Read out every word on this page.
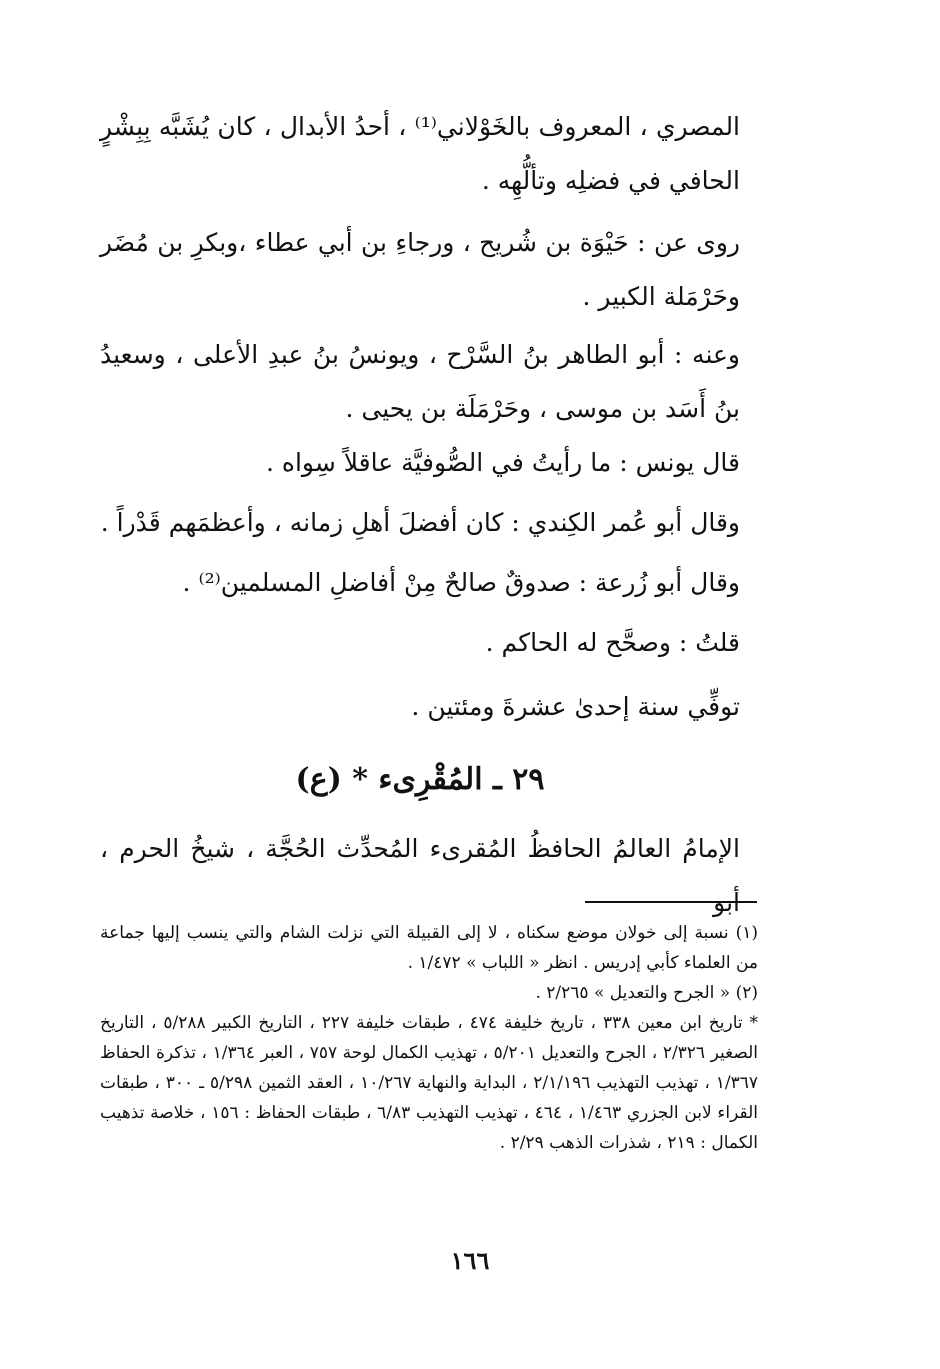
المصري ، المعروف بالخَوْلاني⁽¹⁾ ، أحدُ الأبدال ، كان يُشَبَّه بِبِشْرٍ الحافي في فضلِه وتألُّهِه .

روى عن : حَيْوَة بن شُريح ، ورجاءِ بن أبي عطاء ،وبكرِ بن مُضَر وحَرْمَلة الكبير .

وعنه : أبو الطاهر بنُ السَّرْح ، ويونسُ بنُ عبدِ الأعلى ، وسعيدُ بنُ أَسَد بن موسى ، وحَرْمَلَة بن يحيى .

قال يونس : ما رأيتُ في الصُّوفيَّة عاقلاً سِواه .

وقال أبو عُمر الكِندي : كان أفضلَ أهلِ زمانه ، وأعظمَهم قَدْراً .

وقال أبو زُرعة : صدوقٌ صالحٌ مِنْ أفاضلِ المسلمين⁽²⁾ .

قلتُ : وصحَّح له الحاكم .

توفِّي سنة إحدىٰ عشرةَ ومئتين .

٢٩ ـ المُقْرِىء * (ع)

الإمامُ العالمُ الحافظُ المُقرىء المُحدِّث الحُجَّة ، شيخُ الحرم ، أبو

(١) نسبة إلى خولان موضع سكناه ، لا إلى القبيلة التي نزلت الشام والتي ينسب إليها جماعة من العلماء كأبي إدريس . انظر « اللباب » ١/٤٧٢ .

(٢) « الجرح والتعديل » ٢/٢٦٥ .

* تاريخ ابن معين ٣٣٨ ، تاريخ خليفة ٤٧٤ ، طبقات خليفة ٢٢٧ ، التاريخ الكبير ٥/٢٨٨ ، التاريخ الصغير ٢/٣٢٦ ، الجرح والتعديل ٥/٢٠١ ، تهذيب الكمال لوحة ٧٥٧ ، العبر ١/٣٦٤ ، تذكرة الحفاظ ١/٣٦٧ ، تهذيب التهذيب ٢/١/١٩٦ ، البداية والنهاية ١٠/٢٦٧ ، العقد الثمين ٥/٢٩٨ ـ ٣٠٠ ، طبقات القراء لابن الجزري ١/٤٦٣ ، ٤٦٤ ، تهذيب التهذيب ٦/٨٣ ، طبقات الحفاظ : ١٥٦ ، خلاصة تذهيب الكمال : ٢١٩ ، شذرات الذهب ٢/٢٩ .

١٦٦
